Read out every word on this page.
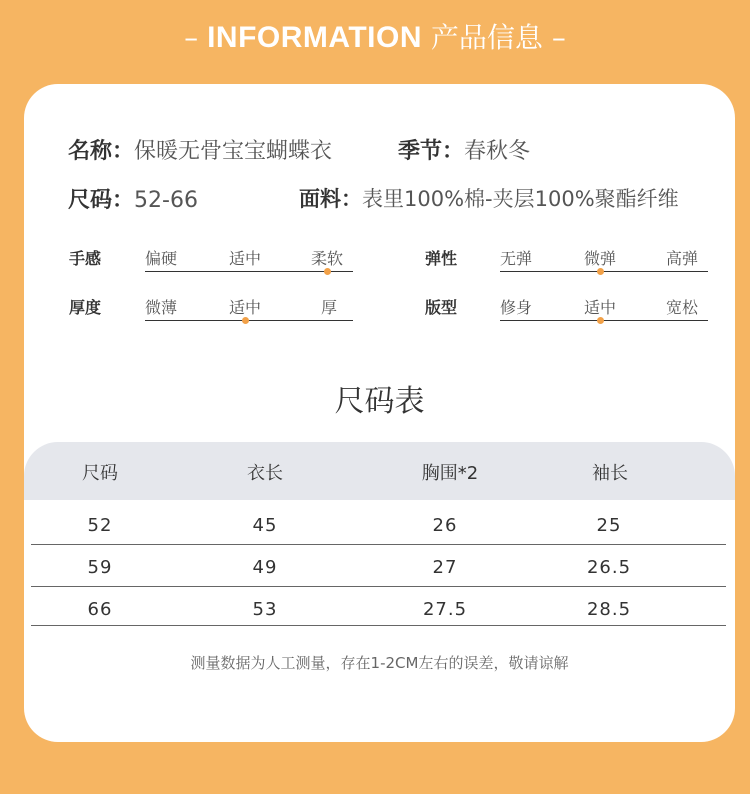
– INFORMATION 产品信息 –
名称：保暖无骨宝宝蝴蝶衣	季节：春秋冬
尺码：52-66	面料：表里100%棉-夹层100%聚酯纤维
手感	偏硬	适中	柔软	弹性	无弹	微弹	高弹
厚度	微薄	适中	厚	版型	修身	适中	宽松
尺码表
尺码	衣长	胸围*2	袖长
52	45	26	25
59	49	27	26.5
66	53	27.5	28.5
测量数据为人工测量，存在1-2CM左右的误差，敬请谅解
